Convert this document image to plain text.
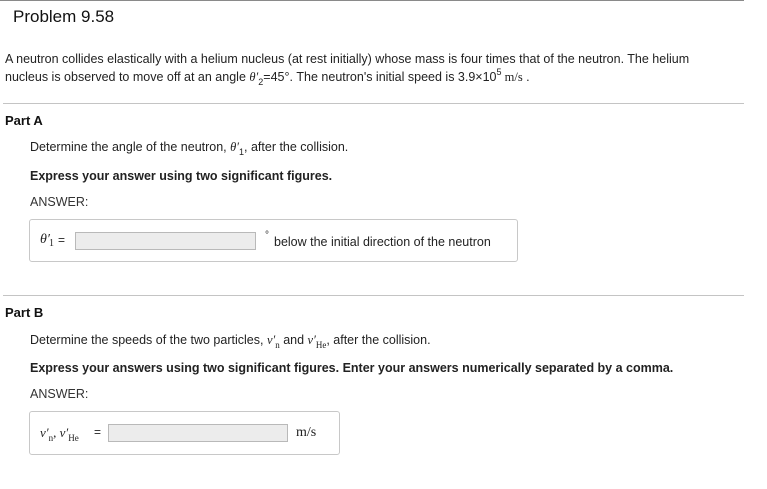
Problem 9.58
A neutron collides elastically with a helium nucleus (at rest initially) whose mass is four times that of the neutron. The helium
nucleus is observed to move off at an angle $\theta'_2=45^\circ$. The neutron's initial speed is $3.9\times 10^5$ m/s .
Part A
Determine the angle of the neutron, $\theta'_1$, after the collision.
Express your answer using two significant figures.
ANSWER:
θ′ 1 =	° below the initial direction of the neutron
Part B
Determine the speeds of the two particles, $v'_n$ and $v'_{He}$, after the collision.
Express your answers using two significant figures. Enter your answers numerically separated by a comma.
ANSWER:
$v'_n$, $v'_{He}$ =	m/s
